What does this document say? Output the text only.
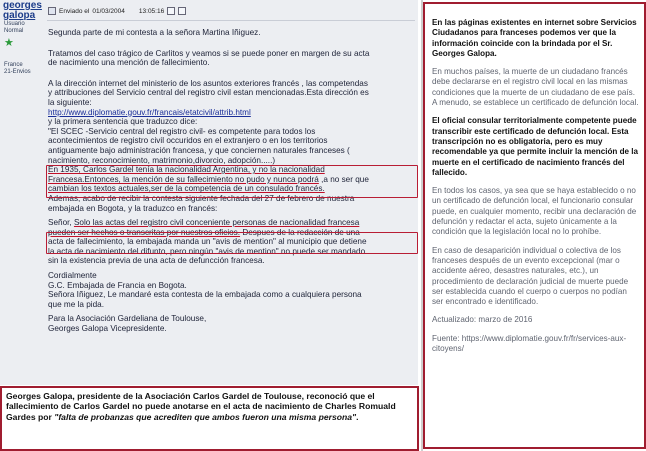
georges galopa
Usuario Normal
★
France
21-Envios
Enviado el 01/03/2004 13:05:16
Segunda parte de mi contesta a la señora Martina Iñiguez.
Tratamos del caso trágico de Carlitos y veamos si se puede poner en margen de su acta
de nacimiento una mención de fallecimiento.
A la dirección internet del ministerio de los asuntos exteriores francés , las competendas
y attribuciones del Servicio central del registro civil estan mencionadas.Esta dirección es
la siguiente:
http://www.diplomatie.gouv.fr/francais/etatcivil/attrib.html
y la primera sentencia que traduzco dice:
"El SCEC -Servicio central del registro civil- es competente para todos los
acontecimientos de registro civil occuridos en el extranjero o en los territorios
antiguamente bajo administración francesa, y que conciernen naturales franceses (
nacimiento, reconocimiento, matrimonio,divorcio, adopción.....)
En 1935, Carlos Gardel tenía la nacionalidad Argentina, y no la nacionalidad
Francesa.Entonces, la mención de su fallecimiento no pudo y nunca podrá ,a no ser que
cambian los textos actuales,ser de la competencia de un consulado francés.
Ademas, acabo de recibir la contesta siguiente fechada del 27 de febrero de nuestra
embajada en Bogota, y la traduzco en francés:
Señor, Solo las actas del registro civil conceniente personas de nacionalidad francesa
pueden ser hechos o transcritas por nuestros oficios. Despues de la redacción de una
acta de fallecimiento, la embajada manda un "avis de mention" al municipio que detiene
la acta de nacimiento del difunto, pero ningún "avis de mention" no puede ser mandado
sin la existencia previa de una acta de defuncción francesa.
Cordialmente
G.C. Embajada de Francia en Bogota.
Señora Iñiguez, Le mandaré esta contesta de la embajada como a cualquiera persona
que me la pida.
Para la Asociación Gardeliana de Toulouse,
Georges Galopa Vicepresidente.
En las páginas existentes en internet sobre Servicios Ciudadanos para franceses podemos ver que la información coincide con la brindada por el Sr. Georges Galopa.
En muchos países, la muerte de un ciudadano francés debe declararse en el registro civil local en las mismas condiciones que la muerte de un ciudadano de ese país. A menudo, se establece un certificado de defunción local.
El oficial consular territorialmente competente puede transcribir este certificado de defunción local. Esta transcripción no es obligatoria, pero es muy recomendable ya que permite incluir la mención de la muerte en el certificado de nacimiento francés del fallecido.
En todos los casos, ya sea que se haya establecido o no un certificado de defunción local, el funcionario consular puede, en cualquier momento, recibir una declaración de defunción y redactar el acta, sujeto únicamente a la condición que la legislación local no lo prohíbe.
En caso de desaparición individual o colectiva de los franceses después de un evento excepcional (mar o accidente aéreo, desastres naturales, etc.), un procedimiento de declaración judicial de muerte puede ser establecida cuando el cuerpo o cuerpos no podían ser encontrado e identificado.
Actualizado: marzo de 2016
Fuente: https://www.diplomatie.gouv.fr/fr/services-aux-citoyens/
Georges Galopa, presidente de la Asociación Carlos Gardel de Toulouse, reconoció que el fallecimiento de Carlos Gardel no puede anotarse en el acta de nacimiento de Charles Romuald Gardes por "falta de probanzas que acrediten que ambos fueron una misma persona".
